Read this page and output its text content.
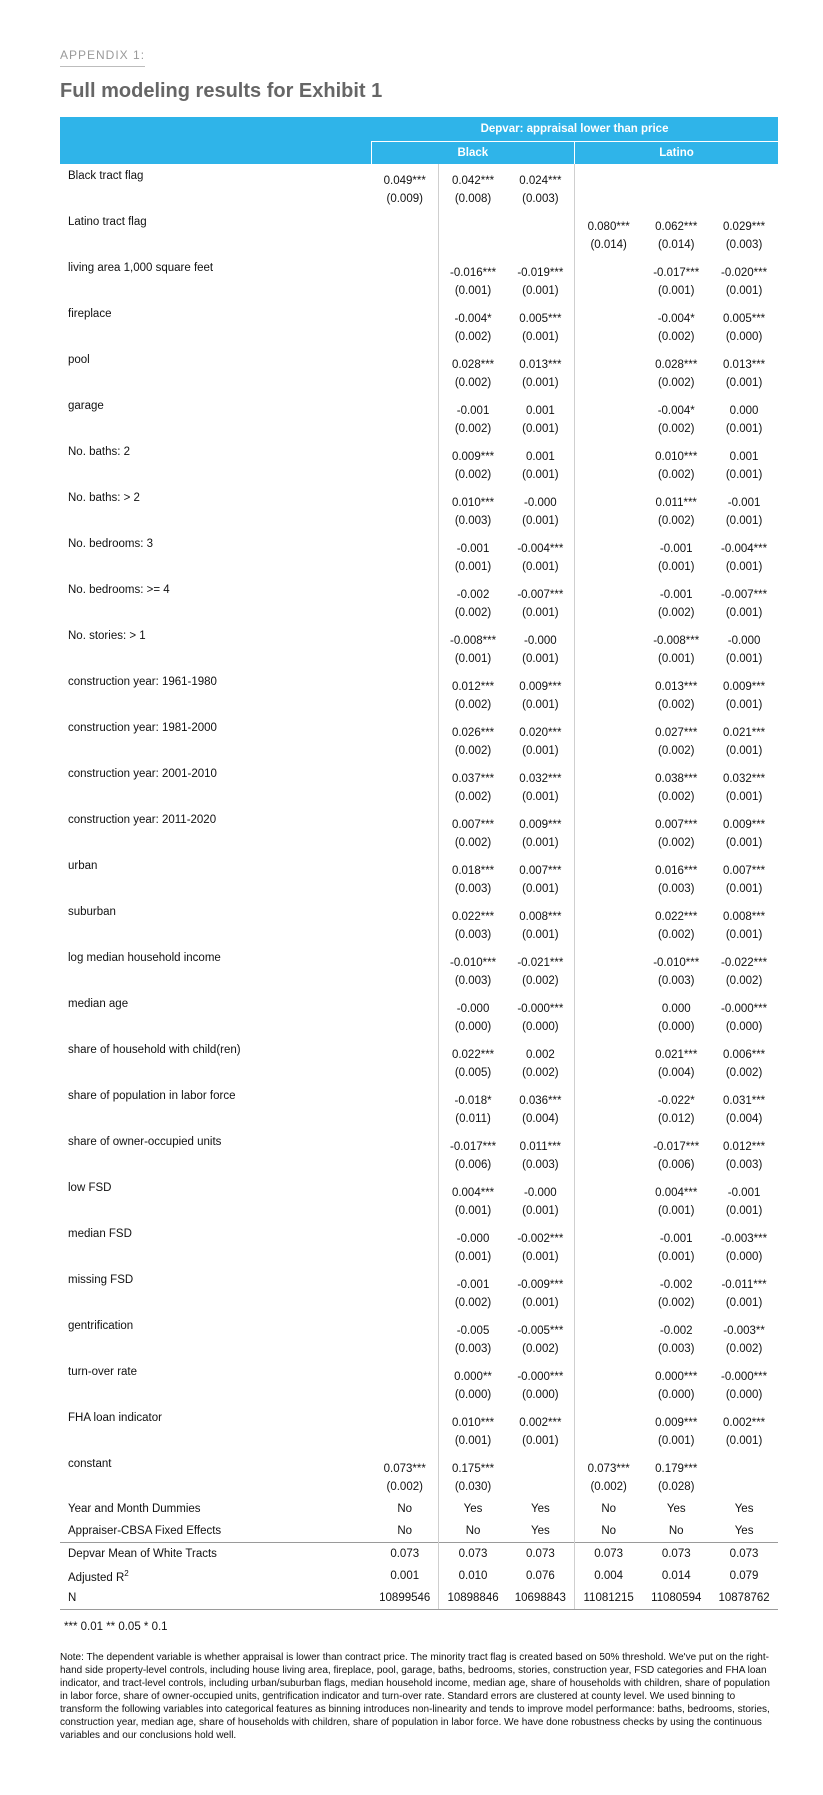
APPENDIX 1:
Full modeling results for Exhibit 1
	Depvar: appraisal lower than price					
	Black			Latino		
Black tract flag	0.049***	0.042***	0.024***			
	(0.009)	(0.008)	(0.003)			
Latino tract flag				0.080***	0.062***	0.029***
				(0.014)	(0.014)	(0.003)
living area 1,000 square feet		-0.016***	-0.019***		-0.017***	-0.020***
		(0.001)	(0.001)		(0.001)	(0.001)
fireplace		-0.004*	0.005***		-0.004*	0.005***
		(0.002)	(0.001)		(0.002)	(0.000)
pool		0.028***	0.013***		0.028***	0.013***
		(0.002)	(0.001)		(0.002)	(0.001)
garage		-0.001	0.001		-0.004*	0.000
		(0.002)	(0.001)		(0.002)	(0.001)
No. baths: 2		0.009***	0.001		0.010***	0.001
		(0.002)	(0.001)		(0.002)	(0.001)
No. baths: > 2		0.010***	-0.000		0.011***	-0.001
		(0.003)	(0.001)		(0.002)	(0.001)
No. bedrooms: 3		-0.001	-0.004***		-0.001	-0.004***
		(0.001)	(0.001)		(0.001)	(0.001)
No. bedrooms: >= 4		-0.002	-0.007***		-0.001	-0.007***
		(0.002)	(0.001)		(0.002)	(0.001)
No. stories: > 1		-0.008***	-0.000		-0.008***	-0.000
		(0.001)	(0.001)		(0.001)	(0.001)
construction year: 1961-1980		0.012***	0.009***		0.013***	0.009***
		(0.002)	(0.001)		(0.002)	(0.001)
construction year: 1981-2000		0.026***	0.020***		0.027***	0.021***
		(0.002)	(0.001)		(0.002)	(0.001)
construction year: 2001-2010		0.037***	0.032***		0.038***	0.032***
		(0.002)	(0.001)		(0.002)	(0.001)
construction year: 2011-2020		0.007***	0.009***		0.007***	0.009***
		(0.002)	(0.001)		(0.002)	(0.001)
urban		0.018***	0.007***		0.016***	0.007***
		(0.003)	(0.001)		(0.003)	(0.001)
suburban		0.022***	0.008***		0.022***	0.008***
		(0.003)	(0.001)		(0.002)	(0.001)
log median household income		-0.010***	-0.021***		-0.010***	-0.022***
		(0.003)	(0.002)		(0.003)	(0.002)
median age		-0.000	-0.000***		0.000	-0.000***
		(0.000)	(0.000)		(0.000)	(0.000)
share of household with child(ren)		0.022***	0.002		0.021***	0.006***
		(0.005)	(0.002)		(0.004)	(0.002)
share of population in labor force		-0.018*	0.036***		-0.022*	0.031***
		(0.011)	(0.004)		(0.012)	(0.004)
share of owner-occupied units		-0.017***	0.011***		-0.017***	0.012***
		(0.006)	(0.003)		(0.006)	(0.003)
low FSD		0.004***	-0.000		0.004***	-0.001
		(0.001)	(0.001)		(0.001)	(0.001)
median FSD		-0.000	-0.002***		-0.001	-0.003***
		(0.001)	(0.001)		(0.001)	(0.000)
missing FSD		-0.001	-0.009***		-0.002	-0.011***
		(0.002)	(0.001)		(0.002)	(0.001)
gentrification		-0.005	-0.005***		-0.002	-0.003**
		(0.003)	(0.002)		(0.003)	(0.002)
turn-over rate		0.000**	-0.000***		0.000***	-0.000***
		(0.000)	(0.000)		(0.000)	(0.000)
FHA loan indicator		0.010***	0.002***		0.009***	0.002***
		(0.001)	(0.001)		(0.001)	(0.001)
constant	0.073***	0.175***		0.073***	0.179***	
	(0.002)	(0.030)		(0.002)	(0.028)	
Year and Month Dummies	No	Yes	Yes	No	Yes	Yes
Appraiser-CBSA Fixed Effects	No	No	Yes	No	No	Yes
Depvar Mean of White Tracts	0.073	0.073	0.073	0.073	0.073	0.073
Adjusted $R^2$	0.001	0.010	0.076	0.004	0.014	0.079
N	10899546	10898846	10698843	11081215	11080594	10878762
*** 0.01 ** 0.05 * 0.1
Note: The dependent variable is whether appraisal is lower than contract price. The minority tract flag is created based on 50% threshold. We've put on the right-hand side property-level controls, including house living area, fireplace, pool, garage, baths, bedrooms, stories, construction year, FSD categories and FHA loan indicator, and tract-level controls, including urban/suburban flags, median household income, median age, share of households with children, share of population in labor force, share of owner-occupied units, gentrification indicator and turn-over rate. Standard errors are clustered at county level. We used binning to transform the following variables into categorical features as binning introduces non-linearity and tends to improve model performance: baths, bedrooms, stories, construction year, median age, share of households with children, share of population in labor force. We have done robustness checks by using the continuous variables and our conclusions hold well.
